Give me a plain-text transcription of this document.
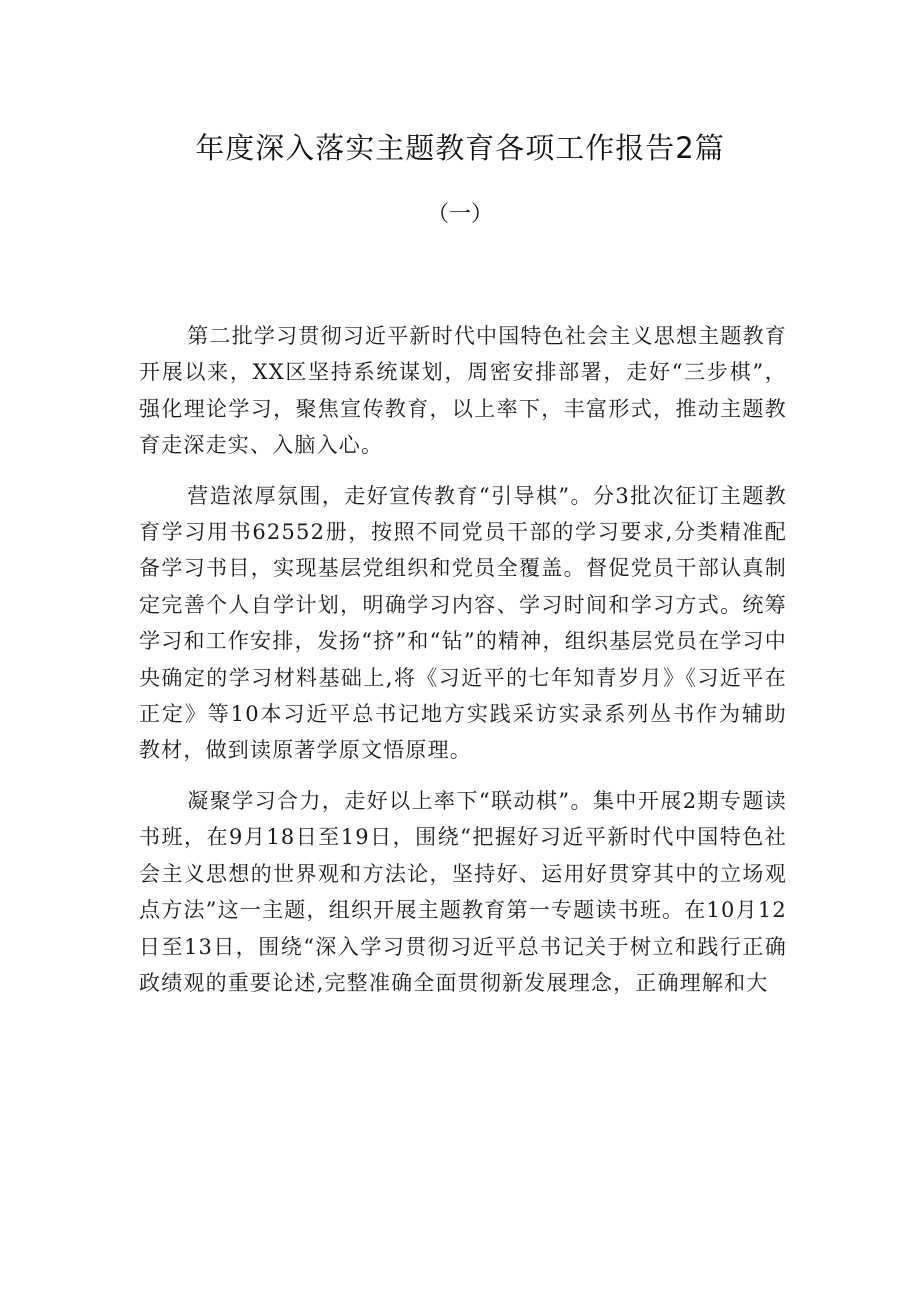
年度深入落实主题教育各项工作报告2篇
（一）

第二批学习贯彻习近平新时代中国特色社会主义思想主题教育开展以来，XX区坚持系统谋划，周密安排部署，走好“三步棋”，强化理论学习，聚焦宣传教育，以上率下，丰富形式，推动主题教育走深走实、入脑入心。

营造浓厚氛围，走好宣传教育“引导棋”。分3批次征订主题教育学习用书62552册，按照不同党员干部的学习要求,分类精准配备学习书目，实现基层党组织和党员全覆盖。督促党员干部认真制定完善个人自学计划，明确学习内容、学习时间和学习方式。统筹学习和工作安排，发扬“挤”和“钻”的精神，组织基层党员在学习中央确定的学习材料基础上,将《习近平的七年知青岁月》《习近平在正定》等10本习近平总书记地方实践采访实录系列丛书作为辅助教材，做到读原著学原文悟原理。

凝聚学习合力，走好以上率下“联动棋”。集中开展2期专题读书班，在9月18日至19日，围绕“把握好习近平新时代中国特色社会主义思想的世界观和方法论，坚持好、运用好贯穿其中的立场观点方法”这一主题，组织开展主题教育第一专题读书班。在10月12日至13日，围绕“深入学习贯彻习近平总书记关于树立和践行正确政绩观的重要论述,完整准确全面贯彻新发展理念，正确理解和大
